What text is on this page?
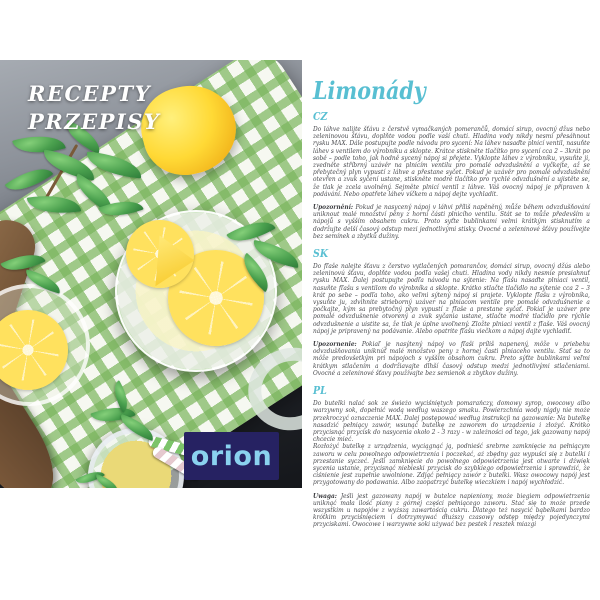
RECEPTY
PRZEPISY
orion
Limonády
CZ

Do láhve nalijte šťávu z čerstvě vymačkaných pomerančů, domácí sirup, ovocný džus nebo zeleninovou šťávu, doplňte vodou podle vaší chuti. Hladina vody nikdy nesmí přesáhnout rysku MAX. Dále postupujte podle návodu pro sycení: Na láhev nasaďte plnicí ventil, nasuňte láhev s ventilem do výrobníku a sklopte. Krátce stiskněte tlačítko pro sycení cca 2 – 3krát po sobě – podle toho, jak hodně sycený nápoj si přejete. Vyklopte láhev z výrobníku, vysuňte ji, zvedněte stříbrný uzávěr na plnicím ventilu pro pomalé odvzdušnění a vyčkejte, až se přebytečný plyn vypustí z láhve a přestane syčet. Pokud je uzávěr pro pomalé odvzdušnění otevřen a zvuk syčení ustane, stiskněte modré tlačítko pro rychlé odvzdušnění a ujistěte se, že tlak je zcela uvolněný. Sejměte plnicí ventil z láhve. Váš ovocný nápoj je připraven k podávání. Nebo opatřete láhev víčkem a nápoj dejte vychladit.

Upozornění: Pokud je nasycený nápoj v láhvi příliš napěněný, může během odvzdušňování uniknout malé množství pěny z horní části plnicího ventilu. Stát se to může především u nápojů s vyšším obsahem cukru. Proto syťte bublinkami velmi krátkým stisknutím a dodržujte delší časový odstup mezi jednotlivými stisky. Ovocné a zeleninové šťávy používejte bez semínek a zbytků dužiny.

SK

Do fľaše nalejte šťavu z čerstvo vytlačených pomarančov, domáci sirup, ovocný džús alebo zeleninovú šťavu, doplňte vodou podľa vašej chuti. Hladina vody nikdy nesmie presiahnuť rysku MAX. Ďalej postupujte podľa návodu na sýtenie: Na fľašu nasaďte plniaci ventil, nasuňte fľašu s ventilom do výrobníka a sklopte. Krátko stlačte tlačidlo na sýtenie cca 2 – 3 krát po sebe – podľa toho, ako veľmi sýtený nápoj si prajete. Vyklopte fľašu z výrobníka, vysuňte ju, zdvihnite strieborný uzáver na plniacom ventile pre pomalé odvzdušnenie a počkajte, kým sa prebytočný plyn vypustí z fľaše a prestane syčať. Pokiaľ je uzáver pre pomalé odvzdušnenie otvorený a zvuk syčania ustane, stlačte modré tlačidlo pre rýchle odvzdušnenie a uistite sa, že tlak je úplne uvoľnený. Zložte plniaci ventil z fľaše. Váš ovocný nápoj je pripravený na podávanie. Alebo opatrite fľašu viečkom a nápoj dajte vychladiť.

Upozornenie: Pokiaľ je nasýtený nápoj vo fľaši príliš napenený, môže v priebehu odvzdušňovania uniknúť malé množstvo peny z hornej časti plniaceho ventilu. Stať sa to môže predovšetkým pri nápojoch s vyšším obsahom cukru. Preto sýťte bublinkami veľmi krátkym stlačením a dodržiavajte dlhší časový odstup medzi jednotlivými stlačeniami. Ovocné a zeleninové šťavy používajte bez semienok a zbytkov dužiny.

PL

Do butelki nalać sok ze świeżo wyciśniętych pomarańczy, domowy syrop, owocowy albo warzywny sok, dopełnić wodą według waszego smaku. Powierzchnia wody nigdy nie może przekroczyć oznaczenie MAX. Dalej postępować według instrukcji na gazowanie: Na butelkę nasadzić pełniący zawór, wsunąć butelkę ze zaworem do urządzenia i złożyć. Krótko przycisnąć przycisk do nasycenia około 2 - 3 razy - w zależności od tego, jak gazowany napój chcecie mieć.

Rozłożyć butelkę z urządzenia, wyciągnąć ją, podnieść srebrne zamknięcie na pełniącym zaworu w celu powolnego odpowietrzenia i poczekać, aż zbędny gaz wypuści się z butelki i przestanie syczeć. Jeśli zamknięcie do powolnego odpowietrzenia jest otwarte i dźwięk sycenia ustanie, przycisnąć niebieski przycisk do szybkiego odpowietrzenia i sprawdzić, że ciśnienie jest zupełnie uwolnione. Zdjąć pełniący zawór z butelki. Wasz owocowy napój jest przygotowany do podawania. Albo zaopatrzyć butelkę wieczkiem i napój wychłodzić.

Uwaga: Jeśli jest gazowany napój w butelce napieniony, może biegiem odpowietrzenia uniknąć mała ilość piany z górnej części pełniącego zaworu. Stać się to może przede wszystkim u napojów z wyższą zawartością cukru. Dlatego też nasycić bąbelkami bardzo krótkim przyciśnięciem i dotrzymywać dłuższy czasowy odstęp między pojedynczymi przyciskami. Owocowe i warzywne soki używać bez pestek i resztek miazgi
